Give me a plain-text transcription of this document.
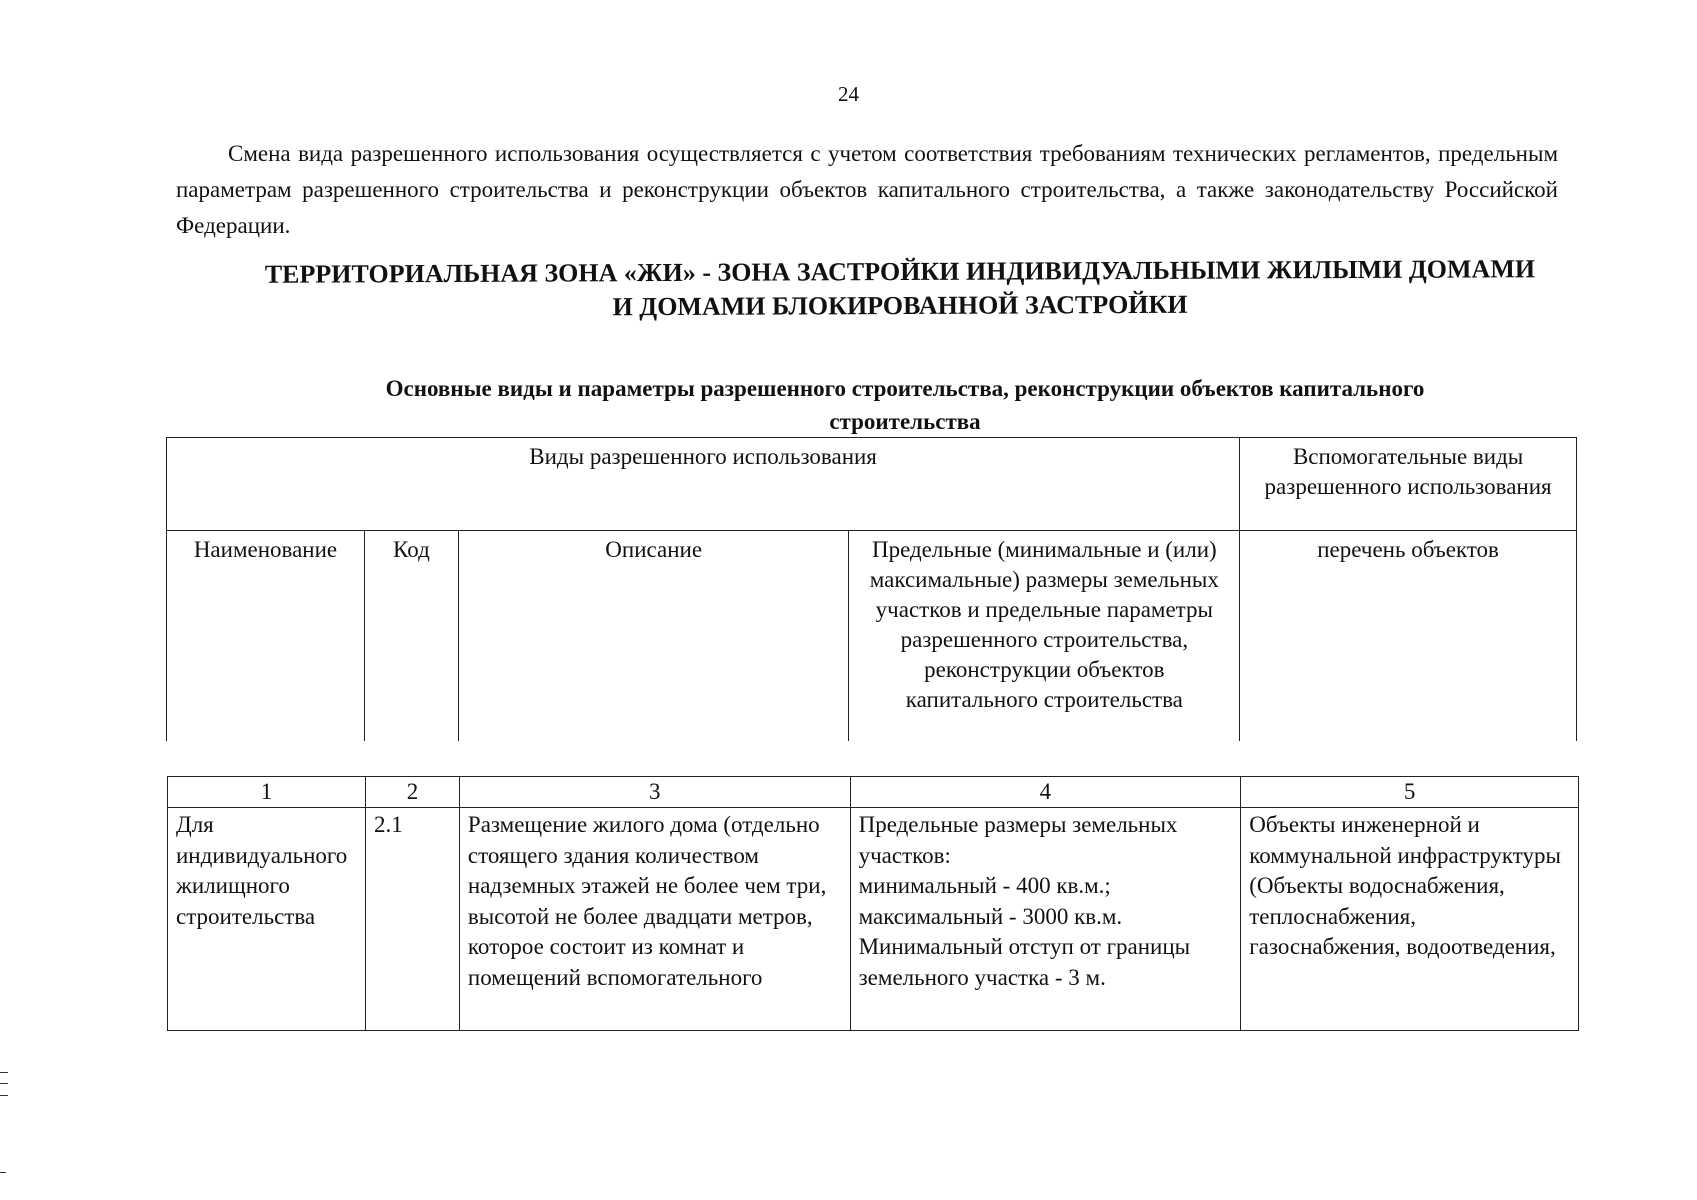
24

Смена вида разрешенного использования осуществляется с учетом соответствия требованиям технических регламентов, предельным параметрам разрешенного строительства и реконструкции объектов капитального строительства, а также законодательству Российской Федерации.

ТЕРРИТОРИАЛЬНАЯ ЗОНА «ЖИ» - ЗОНА ЗАСТРОЙКИ ИНДИВИДУАЛЬНЫМИ ЖИЛЫМИ ДОМАМИ
И ДОМАМИ БЛОКИРОВАННОЙ ЗАСТРОЙКИ
Основные виды и параметры разрешенного строительства, реконструкции объектов капитального
строительства
Виды разрешенного использования				Вспомогательные виды разрешенного использования
Наименование	Код	Описание	Предельные (минимальные и (или) максимальные) размеры земельных участков и предельные параметры разрешенного строительства, реконструкции объектов капитального строительства	перечень объектов
1	2	3	4	5
Для индивидуального жилищного строительства	2.1	Размещение жилого дома (отдельно стоящего здания количеством надземных этажей не более чем три, высотой не более двадцати метров, которое состоит из комнат и помещений вспомогательного	Предельные размеры земельных участков:
минимальный - 400 кв.м.;
максимальный - 3000 кв.м.
Минимальный отступ от границы земельного участка - 3 м.	Объекты инженерной и коммунальной инфраструктуры (Объекты водоснабжения, теплоснабжения, газоснабжения, водоотведения,
